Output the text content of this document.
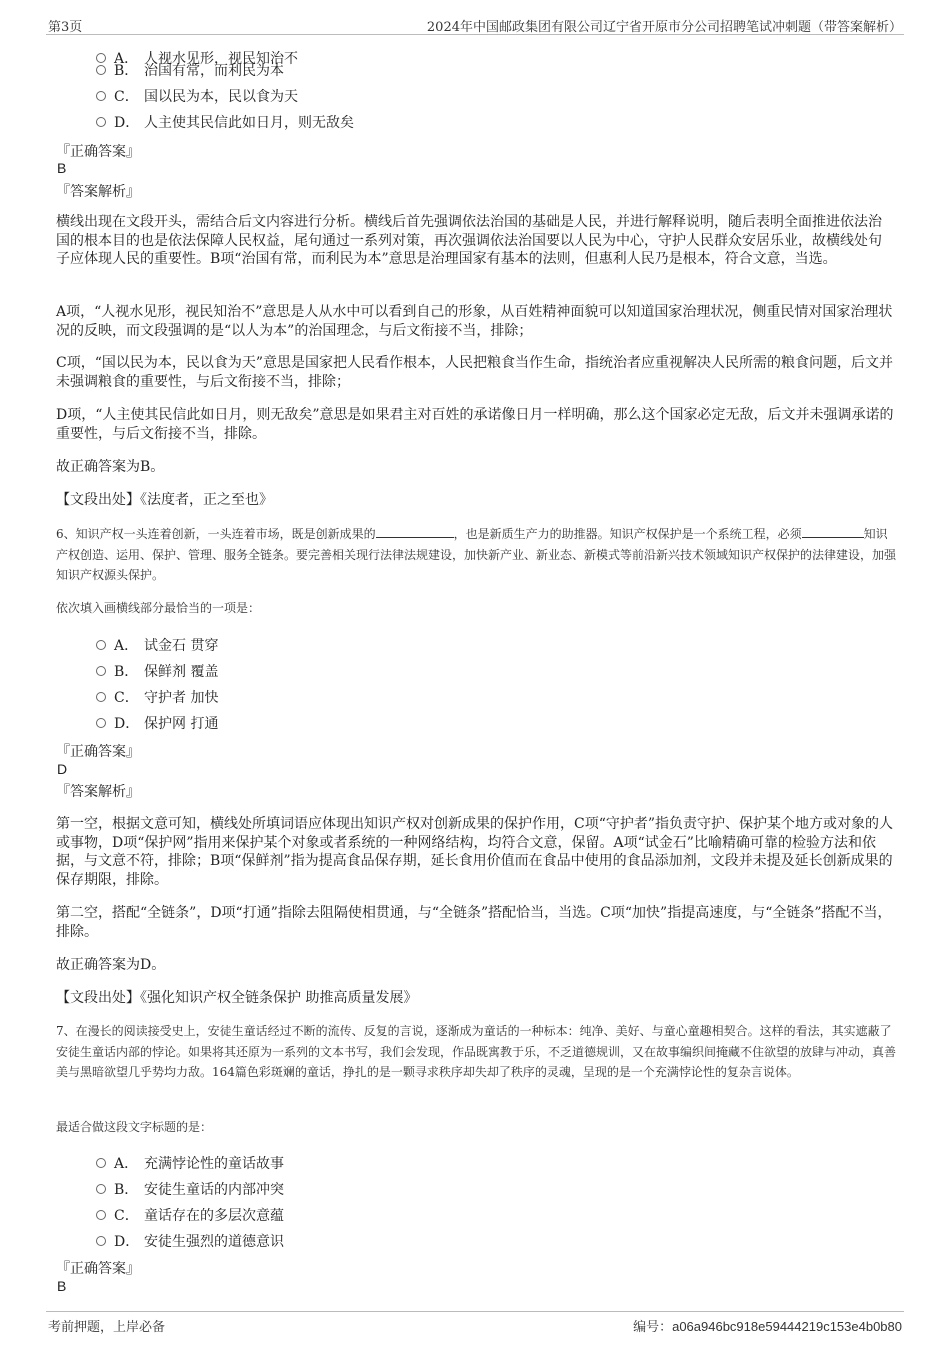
第3页	2024年中国邮政集团有限公司辽宁省开原市分公司招聘笔试冲刺题（带答案解析）
A． 人视水见形，视民知治不
B． 治国有常，而利民为本
C． 国以民为本，民以食为天
D． 人主使其民信此如日月，则无敌矣
『正确答案』
B
『答案解析』
横线出现在文段开头，需结合后文内容进行分析。横线后首先强调依法治国的基础是人民，并进行解释说明，随后表明全面推进依法治国的根本目的也是依法保障人民权益，尾句通过一系列对策，再次强调依法治国要以人民为中心，守护人民群众安居乐业，故横线处句子应体现人民的重要性。B项“治国有常，而利民为本”意思是治理国家有基本的法则，但惠利人民乃是根本，符合文意，当选。
A项，“人视水见形，视民知治不”意思是人从水中可以看到自己的形象，从百姓精神面貌可以知道国家治理状况，侧重民情对国家治理状况的反映，而文段强调的是“以人为本”的治国理念，与后文衔接不当，排除；
C项，“国以民为本，民以食为天”意思是国家把人民看作根本，人民把粮食当作生命，指统治者应重视解决人民所需的粮食问题，后文并未强调粮食的重要性，与后文衔接不当，排除；
D项，“人主使其民信此如日月，则无敌矣”意思是如果君主对百姓的承诺像日月一样明确，那么这个国家必定无敌，后文并未强调承诺的重要性，与后文衔接不当，排除。
故正确答案为B。
【文段出处】《法度者，正之至也》
6、知识产权一头连着创新，一头连着市场，既是创新成果的	，也是新质生产力的助推器。知识产权保护是一个系统工程，必须	知识产权创造、运用、保护、管理、服务全链条。要完善相关现行法律法规建设，加快新产业、新业态、新模式等前沿新兴技术领域知识产权保护的法律建设，加强知识产权源头保护。
依次填入画横线部分最恰当的一项是：
A． 试金石 贯穿
B． 保鲜剂 覆盖
C． 守护者 加快
D． 保护网 打通
『正确答案』
D
『答案解析』
第一空，根据文意可知，横线处所填词语应体现出知识产权对创新成果的保护作用，C项“守护者”指负责守护、保护某个地方或对象的人或事物，D项“保护网”指用来保护某个对象或者系统的一种网络结构，均符合文意，保留。A项“试金石”比喻精确可靠的检验方法和依据，与文意不符，排除；B项“保鲜剂”指为提高食品保存期，延长食用价值而在食品中使用的食品添加剂，文段并未提及延长创新成果的保存期限，排除。
第二空，搭配“全链条”，D项“打通”指除去阻隔使相贯通，与“全链条”搭配恰当，当选。C项“加快”指提高速度，与“全链条”搭配不当，排除。
故正确答案为D。
【文段出处】《强化知识产权全链条保护 助推高质量发展》
7、在漫长的阅读接受史上，安徒生童话经过不断的流传、反复的言说，逐渐成为童话的一种标本：纯净、美好、与童心童趣相契合。这样的看法，其实遮蔽了安徒生童话内部的悖论。如果将其还原为一系列的文本书写，我们会发现，作品既寓教于乐，不乏道德规训，又在故事编织间掩藏不住欲望的放肆与冲动，真善美与黑暗欲望几乎势均力敌。164篇色彩斑斓的童话，挣扎的是一颗寻求秩序却失却了秩序的灵魂，呈现的是一个充满悖论性的复杂言说体。
最适合做这段文字标题的是：
A． 充满悖论性的童话故事
B． 安徒生童话的内部冲突
C． 童话存在的多层次意蕴
D． 安徒生强烈的道德意识
『正确答案』
B
考前押题，上岸必备	编号：a06a946bc918e59444219c153e4b0b80
